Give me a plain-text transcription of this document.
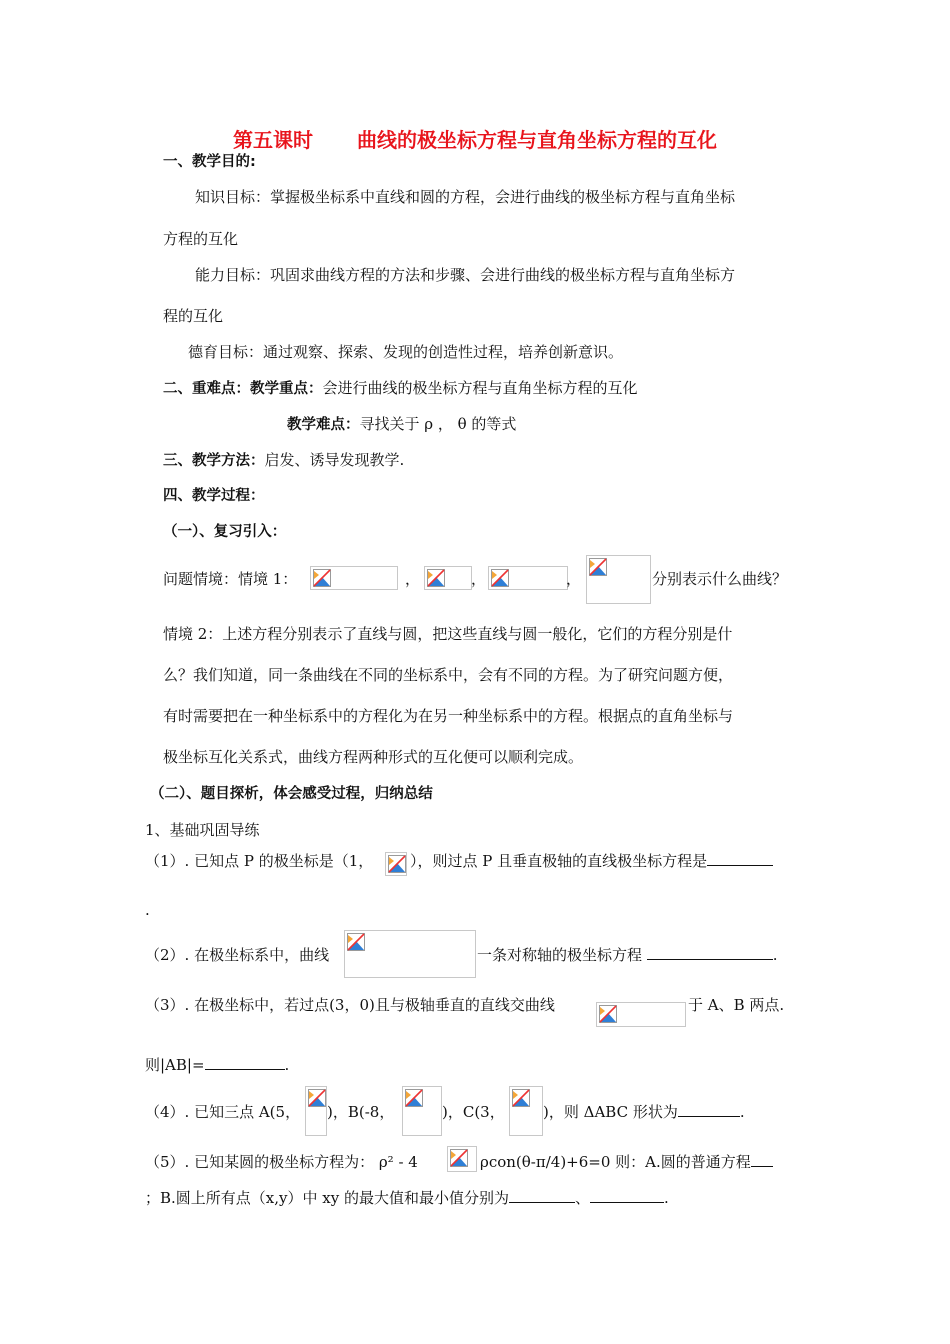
第五课时 曲线的极坐标方程与直角坐标方程的互化
一、教学目的:
知识目标：掌握极坐标系中直线和圆的方程，会进行曲线的极坐标方程与直角坐标
方程的互化
能力目标：巩固求曲线方程的方法和步骤、会进行曲线的极坐标方程与直角坐标方
程的互化
德育目标：通过观察、探索、发现的创造性过程，培养创新意识。
二、重难点：教学重点：会进行曲线的极坐标方程与直角坐标方程的互化
教学难点：寻找关于 ρ ， θ 的等式
三、教学方法：启发、诱导发现教学.
四、教学过程：
（一）、复习引入：
问题情境：情境 1：	，	，	，	分别表示什么曲线？
情境 2：上述方程分别表示了直线与圆，把这些直线与圆一般化，它们的方程分别是什
么？我们知道，同一条曲线在不同的坐标系中，会有不同的方程。为了研究问题方便，
有时需要把在一种坐标系中的方程化为在另一种坐标系中的方程。根据点的直角坐标与
极坐标互化关系式，曲线方程两种形式的互化便可以顺利完成。
（二）、题目探析，体会感受过程，归纳总结
1、基础巩固导练
（1）. 已知点 P 的极坐标是（1， ），则过点 P 且垂直极轴的直线极坐标方程是
.
（2）. 在极坐标系中，曲线	一条对称轴的极坐标方程	.
（3）. 在极坐标中，若过点(3，0)且与极轴垂直的直线交曲线	于 A、B 两点.
则|AB|=	.
（4）. 已知三点 A(5， )，B(-8，	)，C(3，	)，则 ΔABC 形状为	.
（5）. 已知某圆的极坐标方程为： ρ² - 4	ρcon(θ-π/4)+6=0 则：A.圆的普通方程
；B.圆上所有点（x,y）中 xy 的最大值和最小值分别为	、	.
